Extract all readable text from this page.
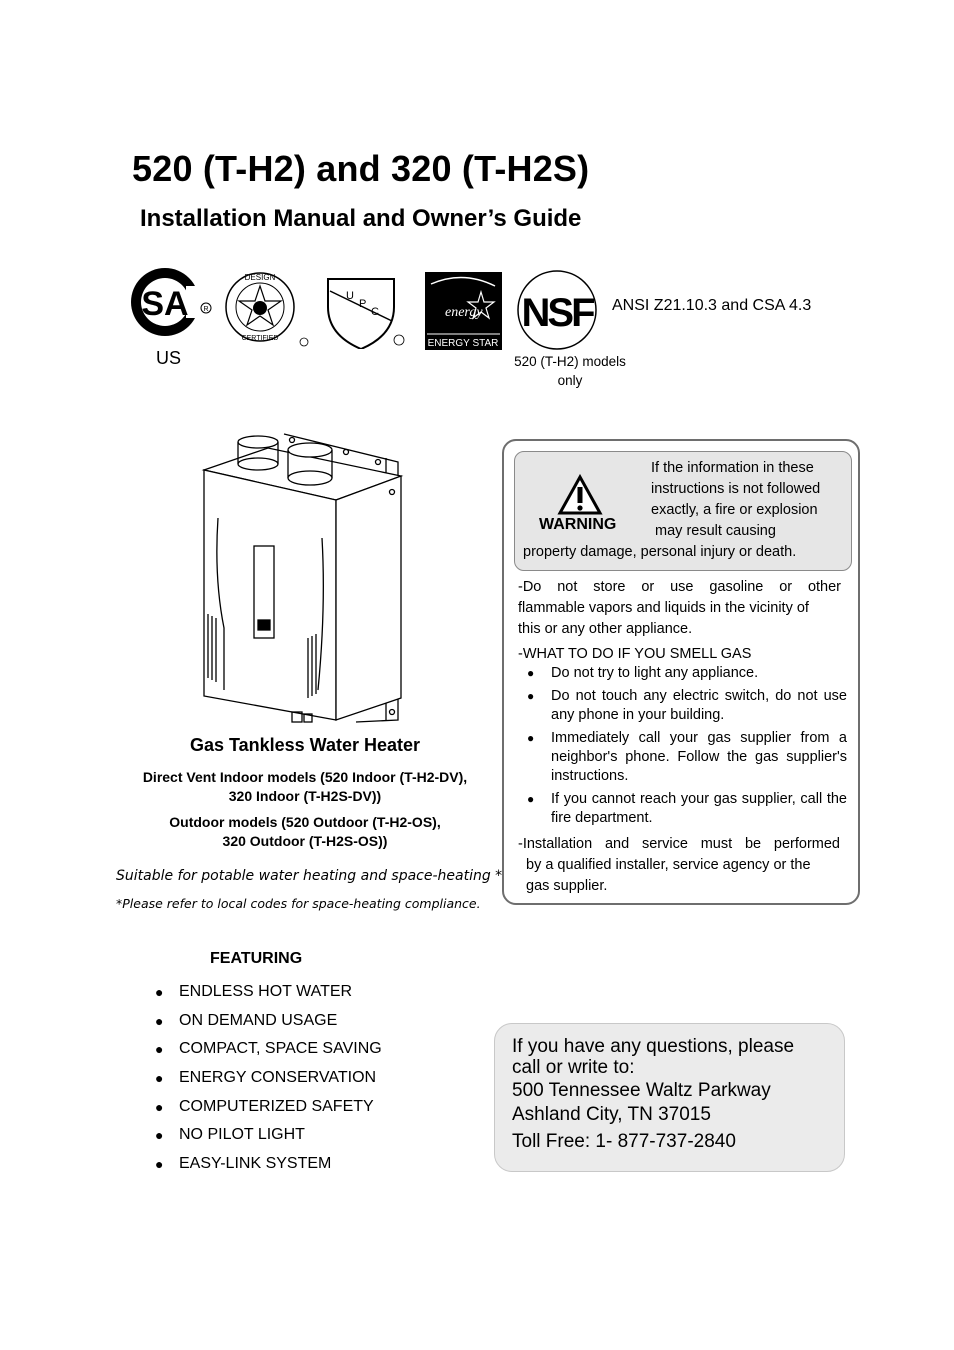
520 (T-H2) and 320 (T-H2S)
Installation Manual and Owner’s Guide
SA R
US
DESIGN
CERTIFIED
U
P
C	energy
ENERGY STAR
NSF ANSI Z21.10.3 and CSA 4.3
520 (T-H2) models
only
Gas Tankless Water Heater
Direct Vent Indoor models (520 Indoor (T-H2-DV),
320 Indoor (T-H2S-DV))
Outdoor models (520 Outdoor (T-H2-OS),
320 Outdoor (T-H2S-OS))
Suitable for potable water heating and space-heating *
*Please refer to local codes for space-heating compliance.
FEATURING
● ENDLESS HOT WATER
● ON DEMAND USAGE
● COMPACT, SPACE SAVING
● ENERGY CONSERVATION
● COMPUTERIZED SAFETY
● NO PILOT LIGHT
● EASY-LINK SYSTEM
WARNING
If the information in these
instructions is not followed
exactly, a fire or explosion
may result causing
property damage, personal injury or death.
-Do not store or use gasoline or other
flammable vapors and liquids in the vicinity of
this or any other appliance.
-WHAT TO DO IF YOU SMELL GAS
●	Do not try to light any appliance.
●	Do not touch any electric switch, do not use any phone in your building.
●	Immediately call your gas supplier from a neighbor's phone. Follow the gas supplier's instructions.
●	If you cannot reach your gas supplier, call the fire department.
-Installation and service must be performed
by a qualified installer, service agency or the
gas supplier.
If you have any questions, please
call or write to:
500 Tennessee Waltz Parkway
Ashland City, TN 37015
Toll Free: 1- 877-737-2840
